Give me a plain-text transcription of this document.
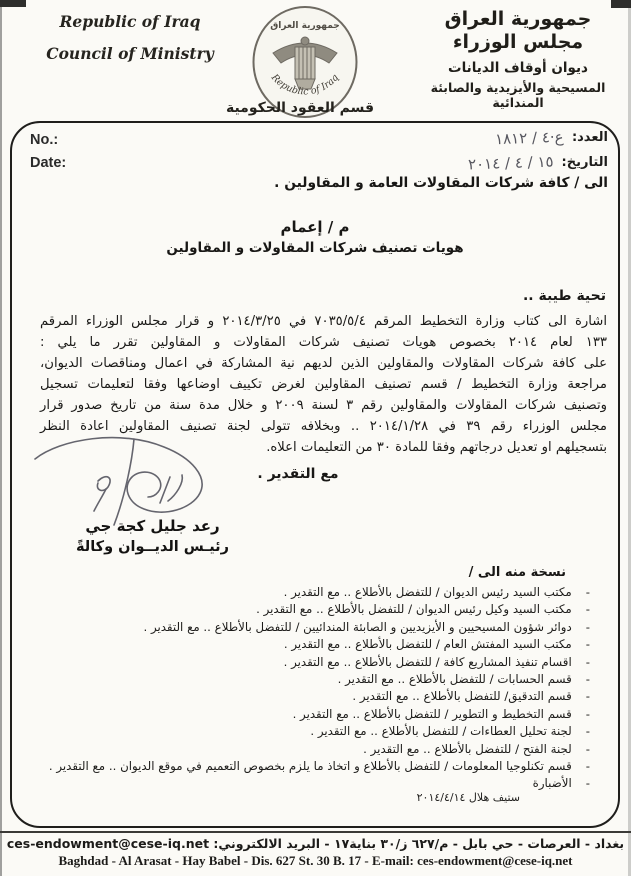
Republic of Iraq
Council of Ministry
جمهورية العراق
Republic of Iraq
قسم العقود الحكومية
جمهورية العراق
مجلس الوزراء
ديوان أوقاف الديانات
المسيحية والأيزيدية والصابئة المندائية
No.:
Date:
العدد:
١٨١٢ / ٤·ع
التاريخ:
٢٠١٤ / ٤ / ١٥
الى / كافة شركات المقاولات العامة و المقاولين .
م / إعمام
هويات تصنيف شركات المقاولات و المقاولين
تحية طيبة ..
اشارة الى كتاب وزارة التخطيط المرقم ٧٠٣٥/٥/٤ في ٢٠١٤/٣/٢٥ و قرار مجلس الوزراء المرقم
١٣٣ لعام ٢٠١٤ بخصوص هويات تصنيف شركات المقاولات و المقاولين تقرر ما يلي :
على كافة شركات المقاولات والمقاولين الذين لديهم نية المشاركة في اعمال ومناقصات الديوان،
مراجعة وزارة التخطيط / قسم تصنيف المقاولين لغرض تكييف اوضاعها وفقا لتعليمات تسجيل
وتصنيف شركات المقاولات والمقاولين رقم ٣ لسنة ٢٠٠٩ و خلال مدة سنة من تاريخ صدور قرار
مجلس الوزراء رقم ٣٩ في ٢٠١٤/١/٢٨ .. وبخلافه تتولى لجنة تصنيف المقاولين اعادة النظر
بتسجيلهم او تعديل درجاتهم وفقا للمادة ٣٠ من التعليمات اعلاه.
مع التقدير .
رعد جليل كجة جي
رئيـس الديــوان وكالةً
نسخة منه الى /
-مكتب السيد رئيس الديوان / للتفضل بالأطلاع .. مع التقدير .
-مكتب السيد وكيل رئيس الديوان / للتفضل بالأطلاع .. مع التقدير .
-دوائر شؤون المسيحيين و الأيزيديين و الصابئة المندائيين / للتفضل بالأطلاع .. مع التقدير .
-مكتب السيد المفتش العام / للتفضل بالأطلاع .. مع التقدير .
-اقسام تنفيذ المشاريع كافة / للتفضل بالأطلاع .. مع التقدير .
-قسم الحسابات / للتفضل بالأطلاع .. مع التقدير .
-قسم التدقيق/ للتفضل بالأطلاع .. مع التقدير .
-قسم التخطيط و التطوير / للتفضل بالأطلاع .. مع التقدير .
-لجنة تحليل العطاءات / للتفضل بالأطلاع .. مع التقدير .
-لجنة الفتح / للتفضل بالأطلاع .. مع التقدير .
-قسم تكنلوجيا المعلومات / للتفضل بالأطلاع و اتخاذ ما يلزم بخصوص التعميم في موقع الديوان .. مع التقدير .
-الأضبارة
ستيف هلال ٢٠١٤/٤/١٤
بغداد - العرصات - حي بابل - م/٦٢٧ ز/٣٠ بناية١٧ - البريد الالكتروني: ces-endowment@cese-iq.net
Baghdad - Al Arasat - Hay Babel - Dis. 627 St. 30 B. 17 - E-mail: ces-endowment@cese-iq.net
